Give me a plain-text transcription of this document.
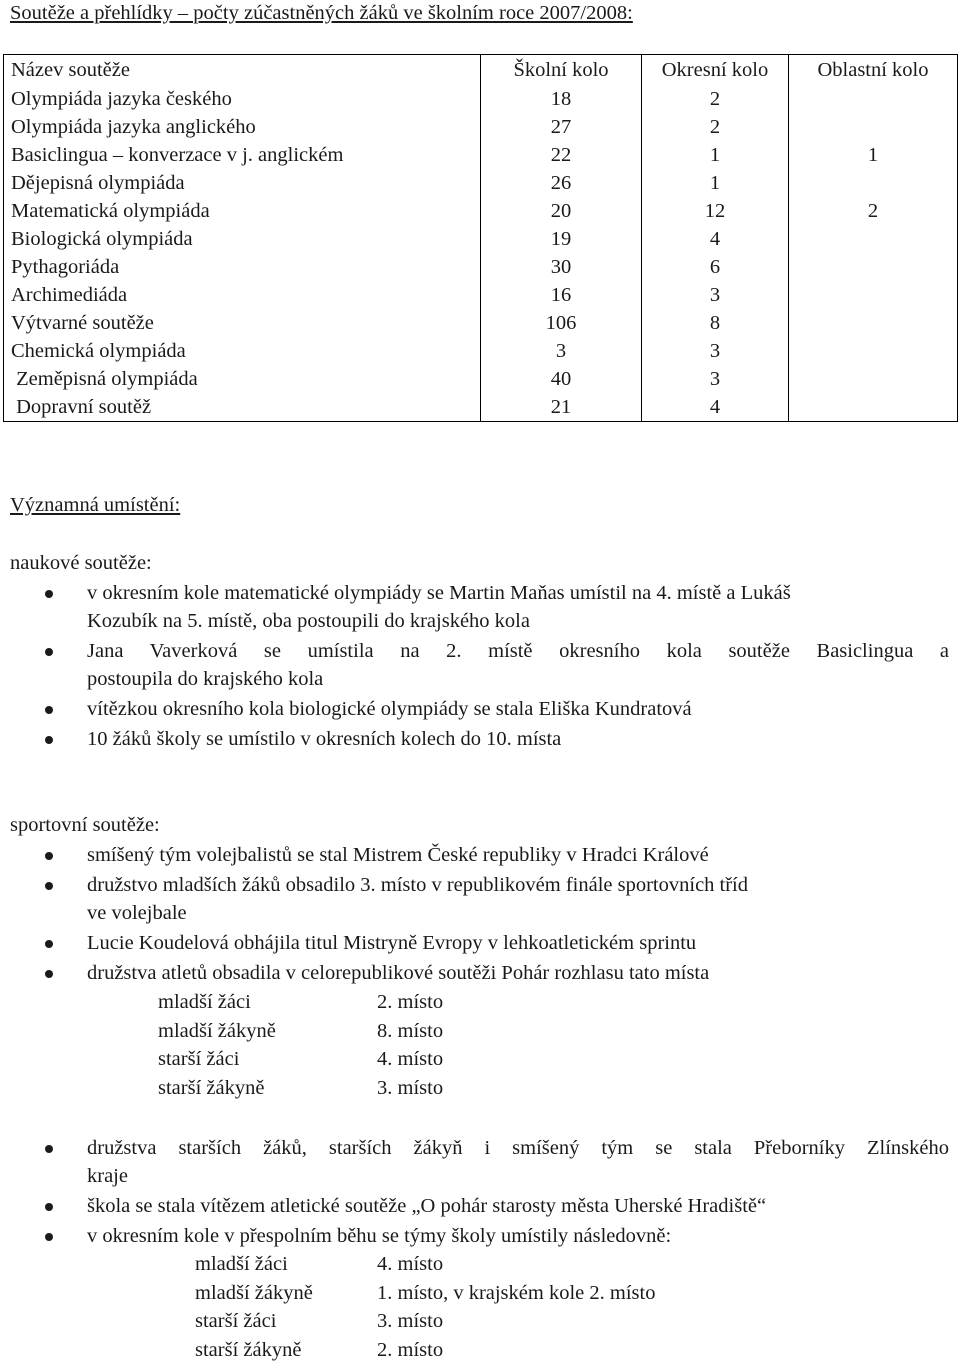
Soutěže a přehlídky – počty zúčastněných žáků ve školním roce 2007/2008:
Název soutěže	Školní kolo	Okresní kolo	Oblastní kolo
Olympiáda jazyka českého	18	2	
Olympiáda jazyka anglického	27	2	
Basiclingua – konverzace v j. anglickém	22	1	1
Dějepisná olympiáda	26	1	
Matematická olympiáda	20	12	2
Biologická olympiáda	19	4	
Pythagoriáda	30	6	
Archimediáda	16	3	
Výtvarné soutěže	106	8	
Chemická olympiáda	3	3	
Zeměpisná olympiáda	40	3	
Dopravní soutěž	21	4	
Významná umístění:
naukové soutěže:
v okresním kole matematické olympiády se Martin Maňas umístil na 4. místě a Lukáš
Kozubík na 5. místě, oba postoupili do krajského kola
Jana Vaverková se umístila na 2. místě okresního kola soutěže Basiclingua a
postoupila do krajského kola
vítězkou okresního kola biologické olympiády se stala Eliška Kundratová
10 žáků školy se umístilo v okresních kolech do 10. místa
sportovní soutěže:
smíšený tým volejbalistů se stal Mistrem České republiky v Hradci Králové
družstvo mladších žáků obsadilo 3. místo v republikovém finále sportovních tříd
ve volejbale
Lucie Koudelová obhájila titul Mistryně Evropy v lehkoatletickém sprintu
družstva atletů obsadila v celorepublikové soutěži Pohár rozhlasu tato místa
mladší žáci	2. místo
mladší žákyně	8. místo
starší žáci	4. místo
starší žákyně	3. místo
družstva starších žáků, starších žákyň i smíšený tým se stala Přeborníky Zlínského
kraje
škola se stala vítězem atletické soutěže „O pohár starosty města Uherské Hradiště“
v okresním kole v přespolním běhu se týmy školy umístily následovně:
mladší žáci	4. místo
mladší žákyně	1. místo, v krajském kole 2. místo
starší žáci	3. místo
starší žákyně	2. místo
